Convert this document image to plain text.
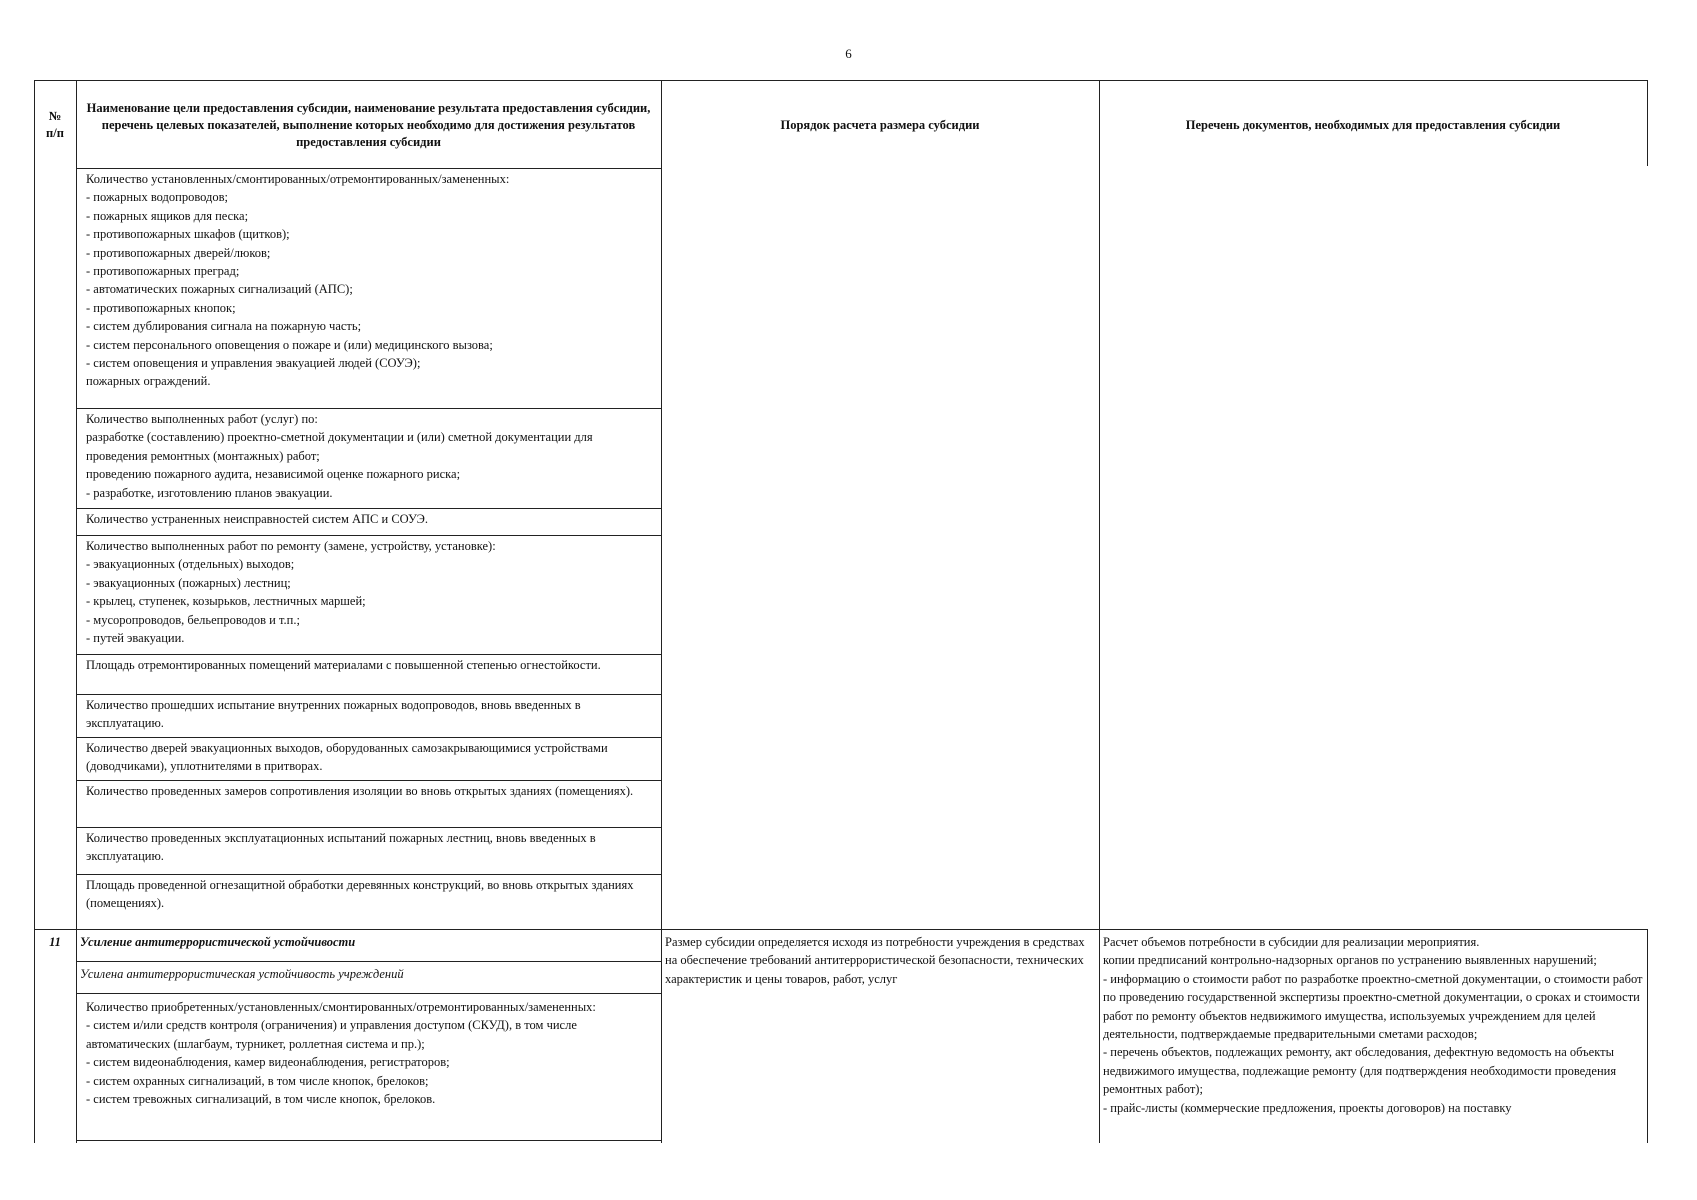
6
№
п/п
Наименование цели предоставления субсидии, наименование результата предоставления субсидии, перечень целевых показателей, выполнение которых необходимо для достижения результатов предоставления субсидии
Порядок расчета размера субсидии	Перечень документов, необходимых для предоставления субсидии
Количество установленных/смонтированных/отремонтированных/замененных:
- пожарных водопроводов;
- пожарных ящиков для песка;
- противопожарных шкафов (щитков);
- противопожарных дверей/люков;
- противопожарных преград;
- автоматических пожарных сигнализаций (АПС);
- противопожарных кнопок;
- систем дублирования сигнала на пожарную часть;
- систем персонального оповещения о пожаре и (или) медицинского вызова;
- систем оповещения и управления эвакуацией людей (СОУЭ);
пожарных ограждений.
Количество выполненных работ (услуг) по:
разработке (составлению) проектно-сметной документации и (или) сметной документации для проведения ремонтных (монтажных) работ;
проведению пожарного аудита, независимой оценке пожарного риска;
- разработке, изготовлению планов эвакуации.
Количество устраненных неисправностей систем АПС и СОУЭ.
Количество выполненных работ по ремонту (замене, устройству, установке):
- эвакуационных (отдельных) выходов;
- эвакуационных (пожарных) лестниц;
- крылец, ступенек, козырьков, лестничных маршей;
- мусоропроводов, бельепроводов и т.п.;
- путей эвакуации.
Площадь отремонтированных помещений материалами с повышенной степенью огнестойкости.
Количество прошедших испытание внутренних пожарных водопроводов, вновь введенных в эксплуатацию.
Количество дверей эвакуационных выходов, оборудованных самозакрывающимися устройствами (доводчиками), уплотнителями в притворах.
Количество проведенных замеров сопротивления изоляции во вновь открытых зданиях (помещениях).
Количество проведенных эксплуатационных испытаний пожарных лестниц, вновь введенных в эксплуатацию.
Площадь проведенной огнезащитной обработки деревянных конструкций, во вновь открытых зданиях (помещениях).
11	Усиление антитеррористической устойчивости
Усилена антитеррористическая устойчивость учреждений
Количество приобретенных/установленных/смонтированных/отремонтированных/замененных:
- систем и/или средств контроля (ограничения) и управления доступом (СКУД), в том числе автоматических (шлагбаум, турникет, роллетная система и пр.);
- систем видеонаблюдения, камер видеонаблюдения, регистраторов;
- систем охранных сигнализаций, в том числе кнопок, брелоков;
- систем тревожных сигнализаций, в том числе кнопок, брелоков.
Размер субсидии определяется исходя из потребности учреждения в средствах на обеспечение требований антитеррористической безопасности, технических характеристик и цены товаров, работ, услуг
Расчет объемов потребности в субсидии для реализации мероприятия.
копии предписаний контрольно-надзорных органов по устранению выявленных нарушений;
- информацию о стоимости работ по разработке проектно-сметной документации, о стоимости работ по проведению государственной экспертизы проектно-сметной документации, о сроках и стоимости работ по ремонту объектов недвижимого имущества, используемых учреждением для целей деятельности, подтверждаемые предварительными сметами расходов;
- перечень объектов, подлежащих ремонту, акт обследования, дефектную ведомость на объекты недвижимого имущества, подлежащие ремонту (для подтверждения необходимости проведения ремонтных работ);
- прайс-листы (коммерческие предложения, проекты договоров) на поставку
